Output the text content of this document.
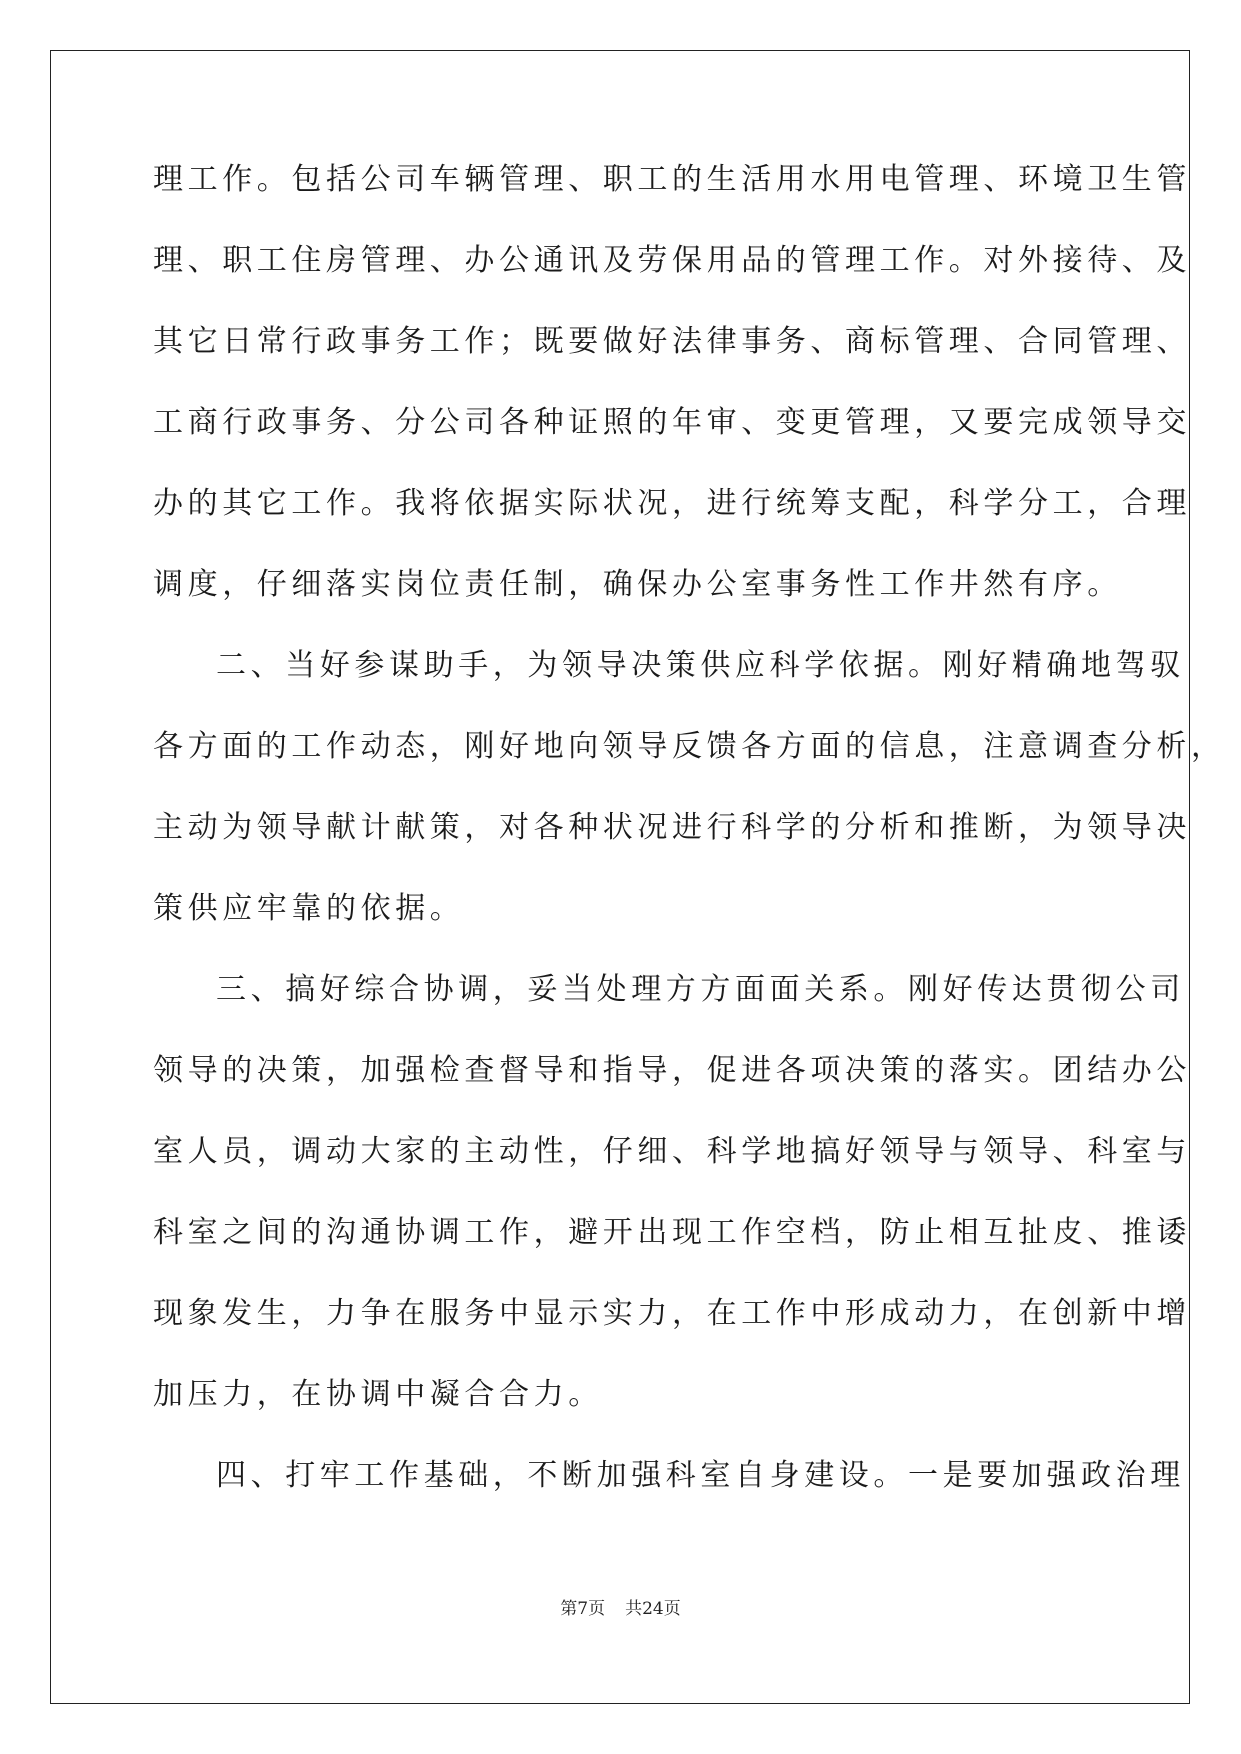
理工作。包括公司车辆管理、职工的生活用水用电管理、环境卫生管
理、职工住房管理、办公通讯及劳保用品的管理工作。对外接待、及
其它日常行政事务工作；既要做好法律事务、商标管理、合同管理、
工商行政事务、分公司各种证照的年审、变更管理，又要完成领导交
办的其它工作。我将依据实际状况，进行统筹支配，科学分工，合理
调度，仔细落实岗位责任制，确保办公室事务性工作井然有序。
二、当好参谋助手，为领导决策供应科学依据。刚好精确地驾驭
各方面的工作动态，刚好地向领导反馈各方面的信息，注意调查分析，
主动为领导献计献策，对各种状况进行科学的分析和推断，为领导决
策供应牢靠的依据。
三、搞好综合协调，妥当处理方方面面关系。刚好传达贯彻公司
领导的决策，加强检查督导和指导，促进各项决策的落实。团结办公
室人员，调动大家的主动性，仔细、科学地搞好领导与领导、科室与
科室之间的沟通协调工作，避开出现工作空档，防止相互扯皮、推诿
现象发生，力争在服务中显示实力，在工作中形成动力，在创新中增
加压力，在协调中凝合合力。
四、打牢工作基础，不断加强科室自身建设。一是要加强政治理
第7页 共24页
